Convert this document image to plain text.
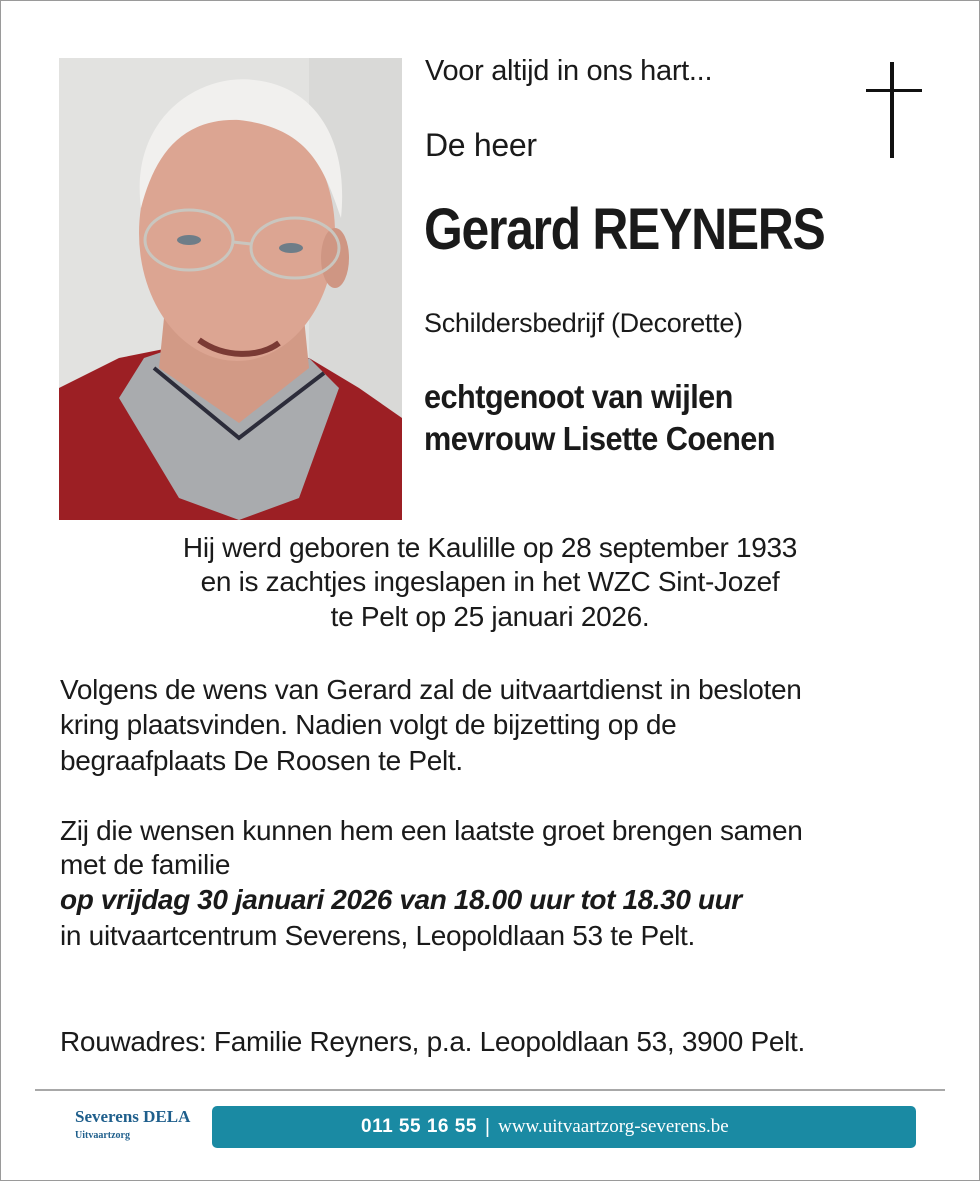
Voor altijd in ons hart...
De heer
Gerard REYNERS
Schildersbedrijf (Decorette)
echtgenoot van wijlen
mevrouw Lisette Coenen
Hij werd geboren te Kaulille op 28 september 1933
en is zachtjes ingeslapen in het WZC Sint-Jozef
te Pelt op 25 januari 2026.
Volgens de wens van Gerard zal de uitvaartdienst in besloten
kring plaatsvinden. Nadien volgt de bijzetting op de
begraafplaats De Roosen te Pelt.
Zij die wensen kunnen hem een laatste groet brengen samen
met de familie
op vrijdag 30 januari 2026 van 18.00 uur tot 18.30 uur
in uitvaartcentrum Severens, Leopoldlaan 53 te Pelt.
Rouwadres: Familie Reyners, p.a. Leopoldlaan 53, 3900 Pelt.
Severens DELA
Uitvaartzorg	011 55 16 55 | www.uitvaartzorg-severens.be
